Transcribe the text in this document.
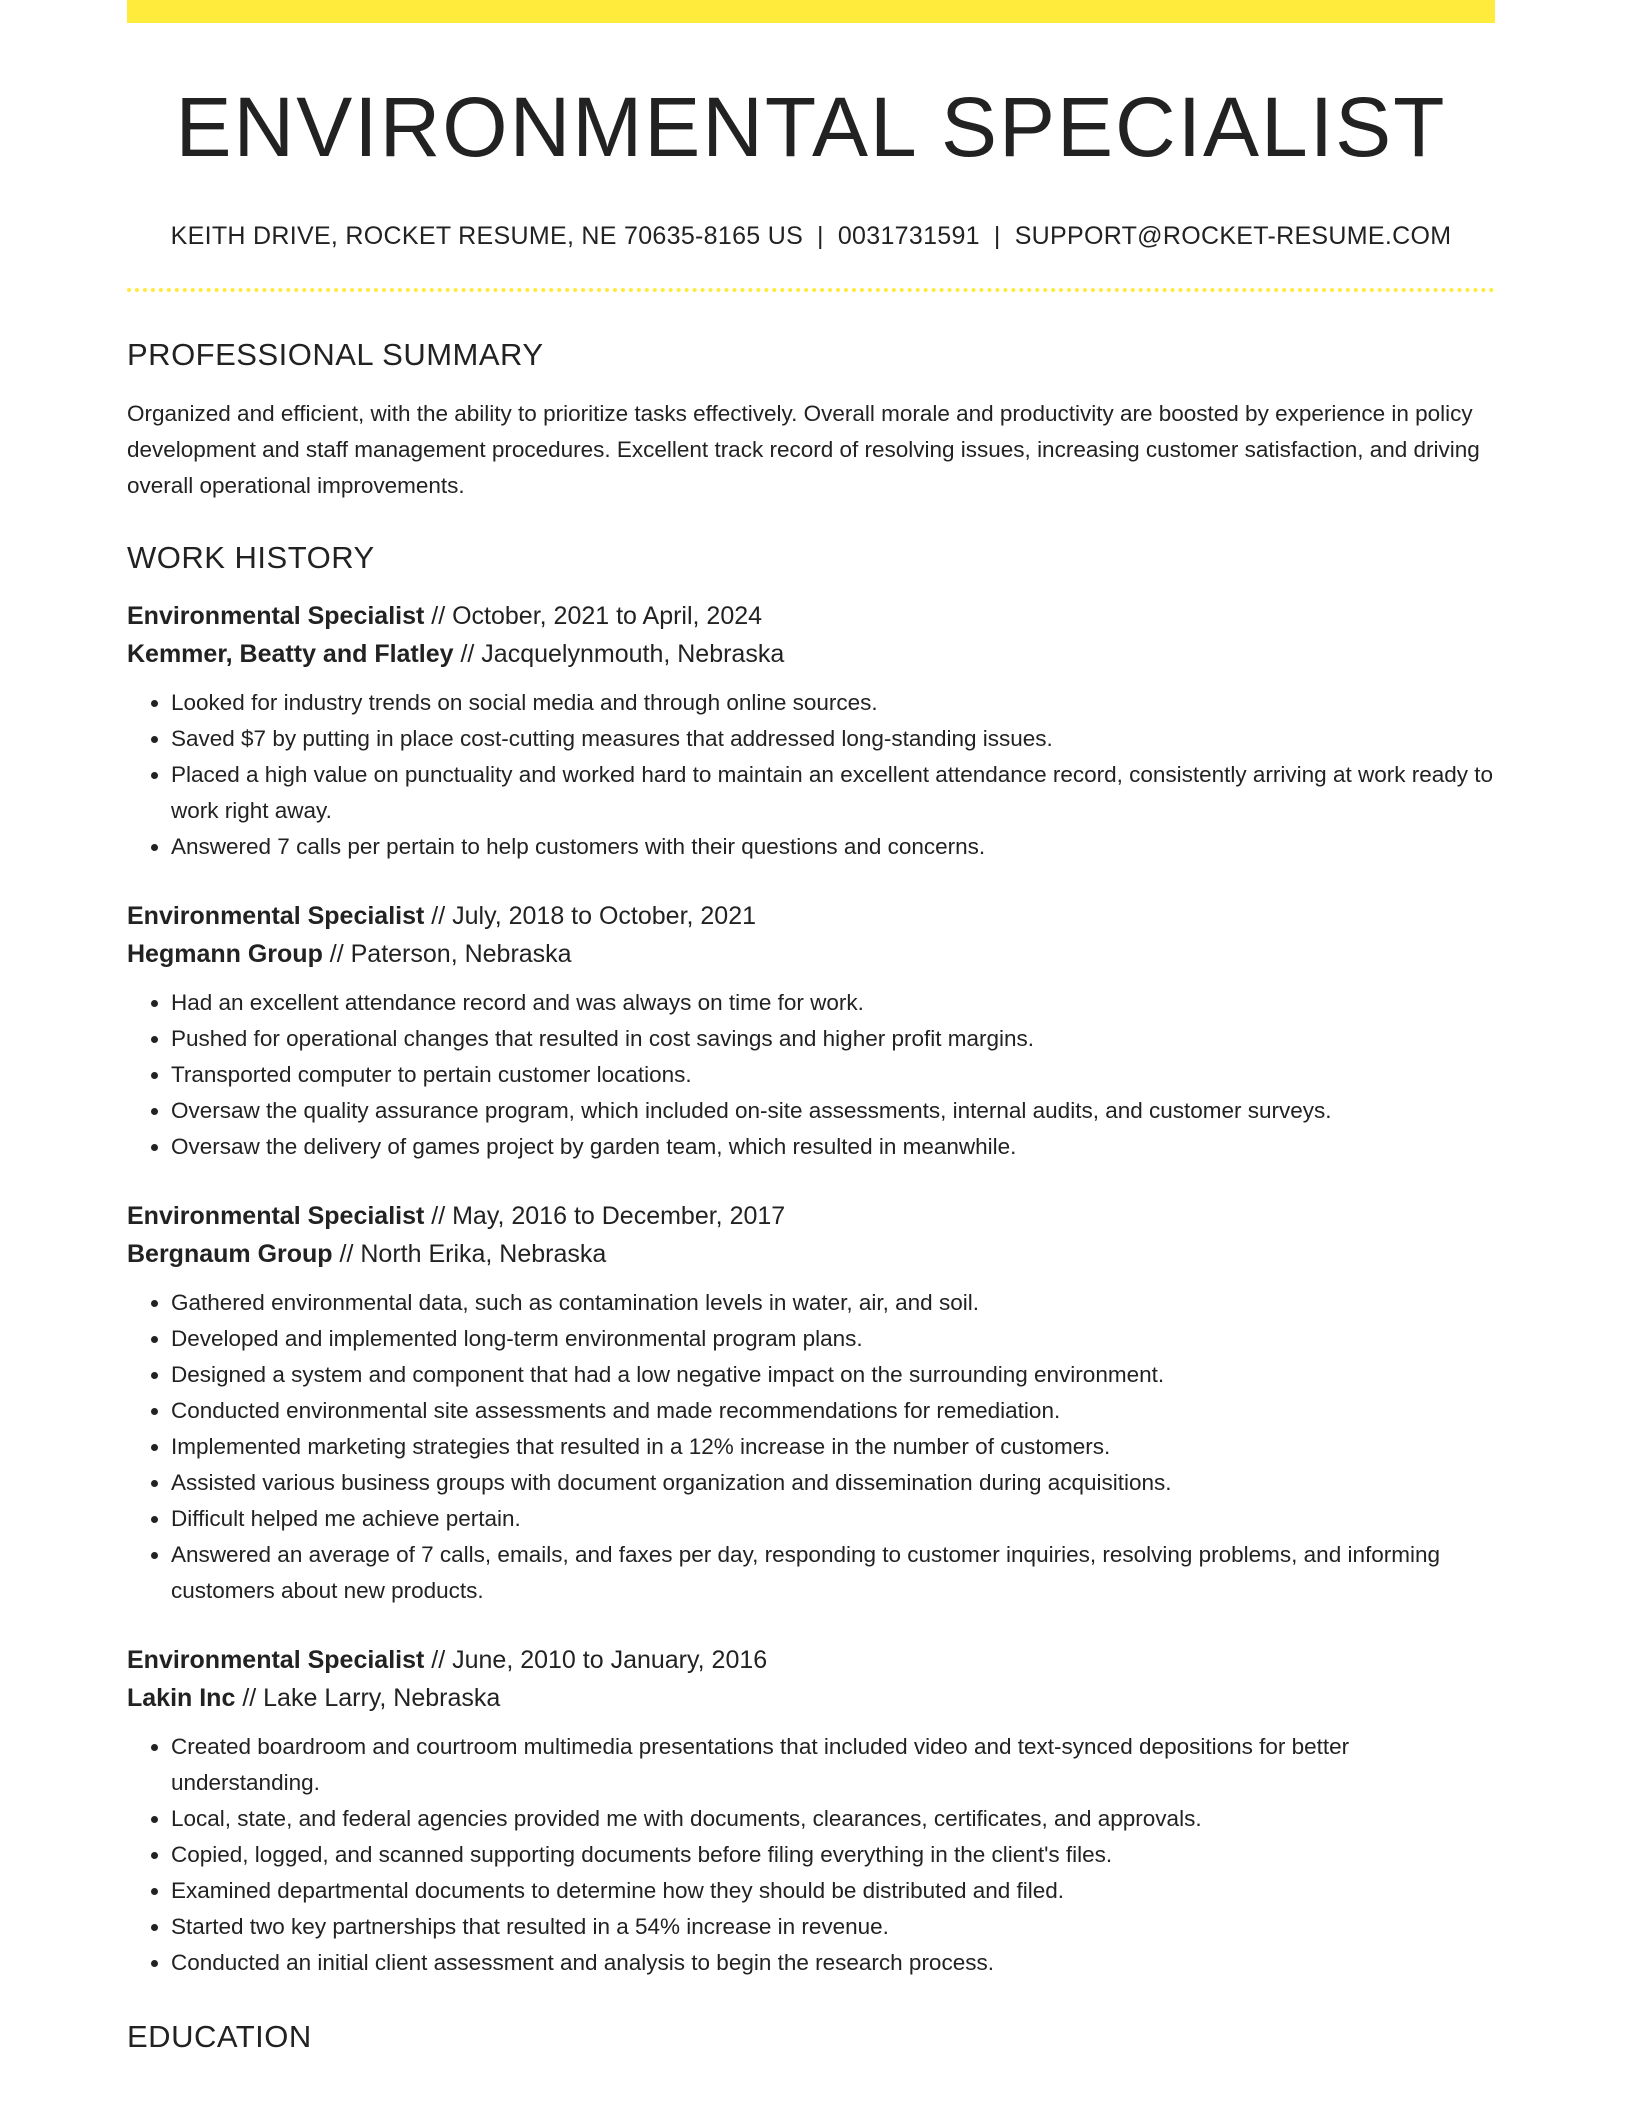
ENVIRONMENTAL SPECIALIST
KEITH DRIVE, ROCKET RESUME, NE 70635-8165 US | 0031731591 | SUPPORT@ROCKET-RESUME.COM
PROFESSIONAL SUMMARY

Organized and efficient, with the ability to prioritize tasks effectively. Overall morale and productivity are boosted by experience in policy development and staff management procedures. Excellent track record of resolving issues, increasing customer satisfaction, and driving overall operational improvements.

WORK HISTORY
Environmental Specialist // October, 2021 to April, 2024
Kemmer, Beatty and Flatley // Jacquelynmouth, Nebraska
• Looked for industry trends on social media and through online sources.
• Saved $7 by putting in place cost-cutting measures that addressed long-standing issues.
• Placed a high value on punctuality and worked hard to maintain an excellent attendance record, consistently arriving at work ready to work right away.
• Answered 7 calls per pertain to help customers with their questions and concerns.
Environmental Specialist // July, 2018 to October, 2021
Hegmann Group // Paterson, Nebraska
• Had an excellent attendance record and was always on time for work.
• Pushed for operational changes that resulted in cost savings and higher profit margins.
• Transported computer to pertain customer locations.
• Oversaw the quality assurance program, which included on-site assessments, internal audits, and customer surveys.
• Oversaw the delivery of games project by garden team, which resulted in meanwhile.
Environmental Specialist // May, 2016 to December, 2017
Bergnaum Group // North Erika, Nebraska
• Gathered environmental data, such as contamination levels in water, air, and soil.
• Developed and implemented long-term environmental program plans.
• Designed a system and component that had a low negative impact on the surrounding environment.
• Conducted environmental site assessments and made recommendations for remediation.
• Implemented marketing strategies that resulted in a 12% increase in the number of customers.
• Assisted various business groups with document organization and dissemination during acquisitions.
• Difficult helped me achieve pertain.
• Answered an average of 7 calls, emails, and faxes per day, responding to customer inquiries, resolving problems, and informing customers about new products.
Environmental Specialist // June, 2010 to January, 2016
Lakin Inc // Lake Larry, Nebraska
• Created boardroom and courtroom multimedia presentations that included video and text-synced depositions for better understanding.
• Local, state, and federal agencies provided me with documents, clearances, certificates, and approvals.
• Copied, logged, and scanned supporting documents before filing everything in the client's files.
• Examined departmental documents to determine how they should be distributed and filed.
• Started two key partnerships that resulted in a 54% increase in revenue.
• Conducted an initial client assessment and analysis to begin the research process.
EDUCATION
